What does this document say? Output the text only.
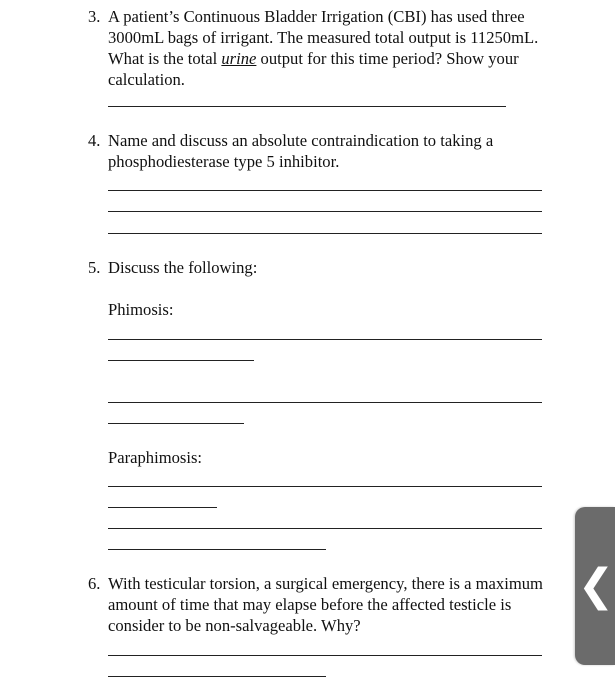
3. A patient’s Continuous Bladder Irrigation (CBI) has used three 3000mL bags of irrigant. The measured total output is 11250mL. What is the total urine output for this time period? Show your calculation.
4. Name and discuss an absolute contraindication to taking a phosphodiesterase type 5 inhibitor.
5. Discuss the following:
Phimosis:
Paraphimosis:
6. With testicular torsion, a surgical emergency, there is a maximum amount of time that may elapse before the affected testicle is consider to be non-salvageable. Why?
❮
